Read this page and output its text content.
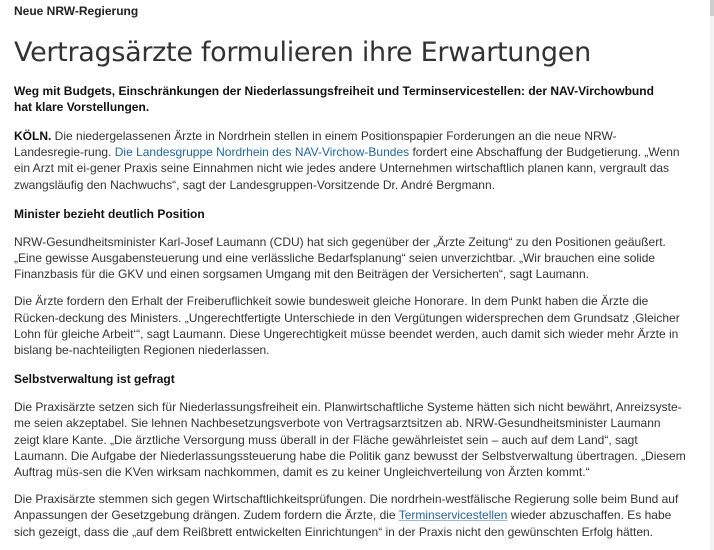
Neue NRW-Regierung
Vertragsärzte formulieren ihre Erwartungen
Weg mit Budgets, Einschränkungen der Niederlassungsfreiheit und Terminservicestellen: der NAV-Virchowbund hat klare Vorstellungen.

KÖLN. Die niedergelassenen Ärzte in Nordrhein stellen in einem Positionspapier Forderungen an die neue NRW-Landesregie-rung. Die Landesgruppe Nordrhein des NAV-Virchow-Bundes fordert eine Abschaffung der Budgetierung. „Wenn ein Arzt mit ei-gener Praxis seine Einnahmen nicht wie jedes andere Unternehmen wirtschaftlich planen kann, vergrault das zwangsläufig den Nachwuchs“, sagt der Landesgruppen-Vorsitzende Dr. André Bergmann.

Minister bezieht deutlich Position

NRW-Gesundheitsminister Karl-Josef Laumann (CDU) hat sich gegenüber der „Ärzte Zeitung“ zu den Positionen geäußert. „Eine gewisse Ausgabensteuerung und eine verlässliche Bedarfsplanung“ seien unverzichtbar. „Wir brauchen eine solide Finanzbasis für die GKV und einen sorgsamen Umgang mit den Beiträgen der Versicherten“, sagt Laumann.

Die Ärzte fordern den Erhalt der Freiberuflichkeit sowie bundesweit gleiche Honorare. In dem Punkt haben die Ärzte die Rücken-deckung des Ministers. „Ungerechtfertigte Unterschiede in den Vergütungen widersprechen dem Grundsatz ‚Gleicher Lohn für gleiche Arbeit‘“, sagt Laumann. Diese Ungerechtigkeit müsse beendet werden, auch damit sich wieder mehr Ärzte in bislang be-nachteiligten Regionen niederlassen.

Selbstverwaltung ist gefragt

Die Praxisärzte setzen sich für Niederlassungsfreiheit ein. Planwirtschaftliche Systeme hätten sich nicht bewährt, Anreizsyste-me seien akzeptabel. Sie lehnen Nachbesetzungsverbote von Vertragsarztsitzen ab. NRW-Gesundheitsminister Laumann zeigt klare Kante. „Die ärztliche Versorgung muss überall in der Fläche gewährleistet sein – auch auf dem Land“, sagt Laumann. Die Aufgabe der Niederlassungssteuerung habe die Politik ganz bewusst der Selbstverwaltung übertragen. „Diesem Auftrag müs-sen die KVen wirksam nachkommen, damit es zu keiner Ungleichverteilung von Ärzten kommt.“

Die Praxisärzte stemmen sich gegen Wirtschaftlichkeitsprüfungen. Die nordrhein-westfälische Regierung solle beim Bund auf Anpassungen der Gesetzgebung drängen. Zudem fordern die Ärzte, die Terminservicestellen wieder abzuschaffen. Es habe sich gezeigt, dass die „auf dem Reißbrett entwickelten Einrichtungen“ in der Praxis nicht den gewünschten Erfolg hätten.
